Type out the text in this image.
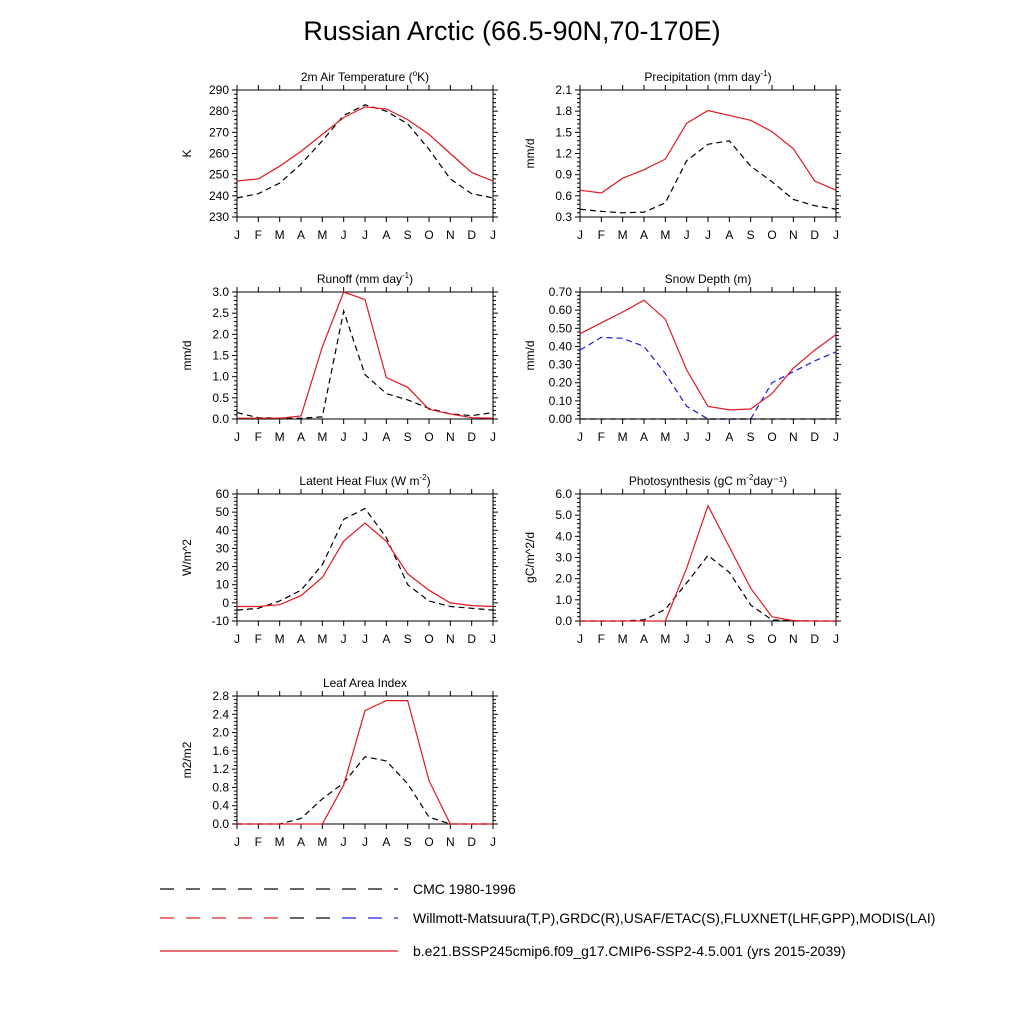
Russian Arctic (66.5-90N,70-170E)
2m Air Temperature ($^o$K)
230
240
250
260
270
280
290
J F M A M J J A S O N D J
K
Precipitation (mm day$^{-1}$)
0.3
0.6
0.9
1.2
1.5
1.8
2.1
J F M A M J J A S O N D J
mm/d
Runoff (mm day$^{-1}$)
0.0
0.5
1.0
1.5
2.0
2.5
3.0
J F M A M J J A S O N D J
mm/d
Snow Depth (m)
0.00
0.10
0.20
0.30
0.40
0.50
0.60
0.70
J F M A M J J A S O N D J
mm/d
Latent Heat Flux (W $m^{-2}$)
-10
0
10
20
30
40
50
60
J F M A M J J A S O N D J
W/m^2
Photosynthesis (gC $m^{-2}day^{-1}$)
0.0
1.0
2.0
3.0
4.0
5.0
6.0
J F M A M J J A S O N D J
gC/m^2/d
Leaf Area Index
0.0
0.4
0.8
1.2
1.6
2.0
2.4
2.8
J F M A M J J A S O N D J
m2/m2
CMC 1980-1996
Willmott-Matsuura(T,P),GRDC(R),USAF/ETAC(S),FLUXNET(LHF,GPP),MODIS(LAI)
b.e21.BSSP245cmip6.f09_g17.CMIP6-SSP2-4.5.001 (yrs 2015-2039)
